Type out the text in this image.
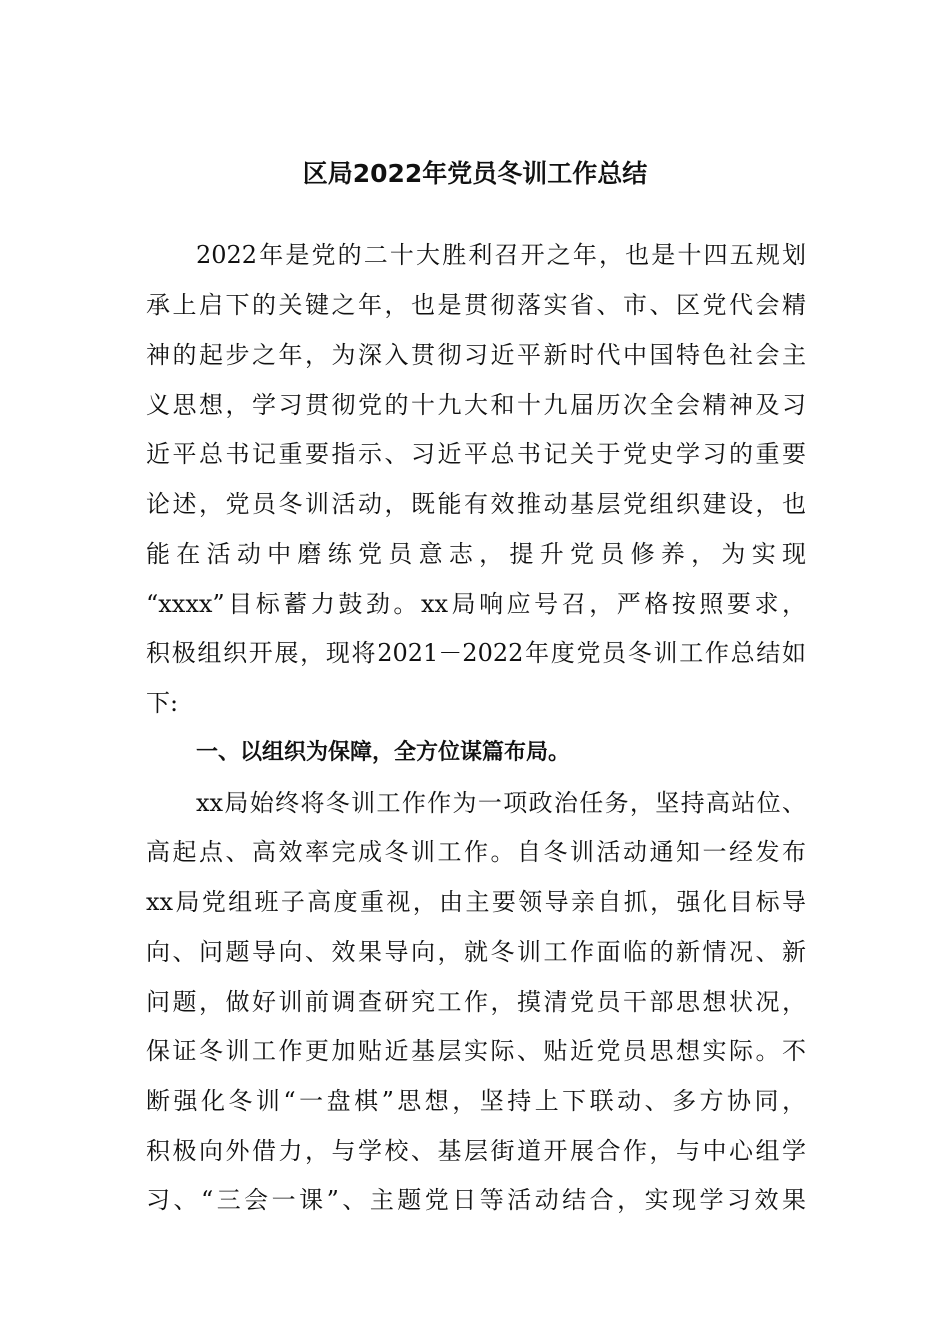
区局2022年党员冬训工作总结
2022年是党的二十大胜利召开之年，也是十四五规划
承上启下的关键之年，也是贯彻落实省、市、区党代会精
神的起步之年，为深入贯彻习近平新时代中国特色社会主
义思想，学习贯彻党的十九大和十九届历次全会精神及习
近平总书记重要指示、习近平总书记关于党史学习的重要
论述，党员冬训活动，既能有效推动基层党组织建设，也
能在活动中磨练党员意志，提升党员修养，为实现
“xxxx”目标蓄力鼓劲。xx局响应号召，严格按照要求，
积极组织开展，现将2021－2022年度党员冬训工作总结如
下:
一、以组织为保障，全方位谋篇布局。
xx局始终将冬训工作作为一项政治任务，坚持高站位、
高起点、高效率完成冬训工作。自冬训活动通知一经发布
xx局党组班子高度重视，由主要领导亲自抓，强化目标导
向、问题导向、效果导向，就冬训工作面临的新情况、新
问题，做好训前调查研究工作，摸清党员干部思想状况，
保证冬训工作更加贴近基层实际、贴近党员思想实际。不
断强化冬训“一盘棋”思想，坚持上下联动、多方协同，
积极向外借力，与学校、基层街道开展合作，与中心组学
习、“三会一课”、主题党日等活动结合，实现学习效果
